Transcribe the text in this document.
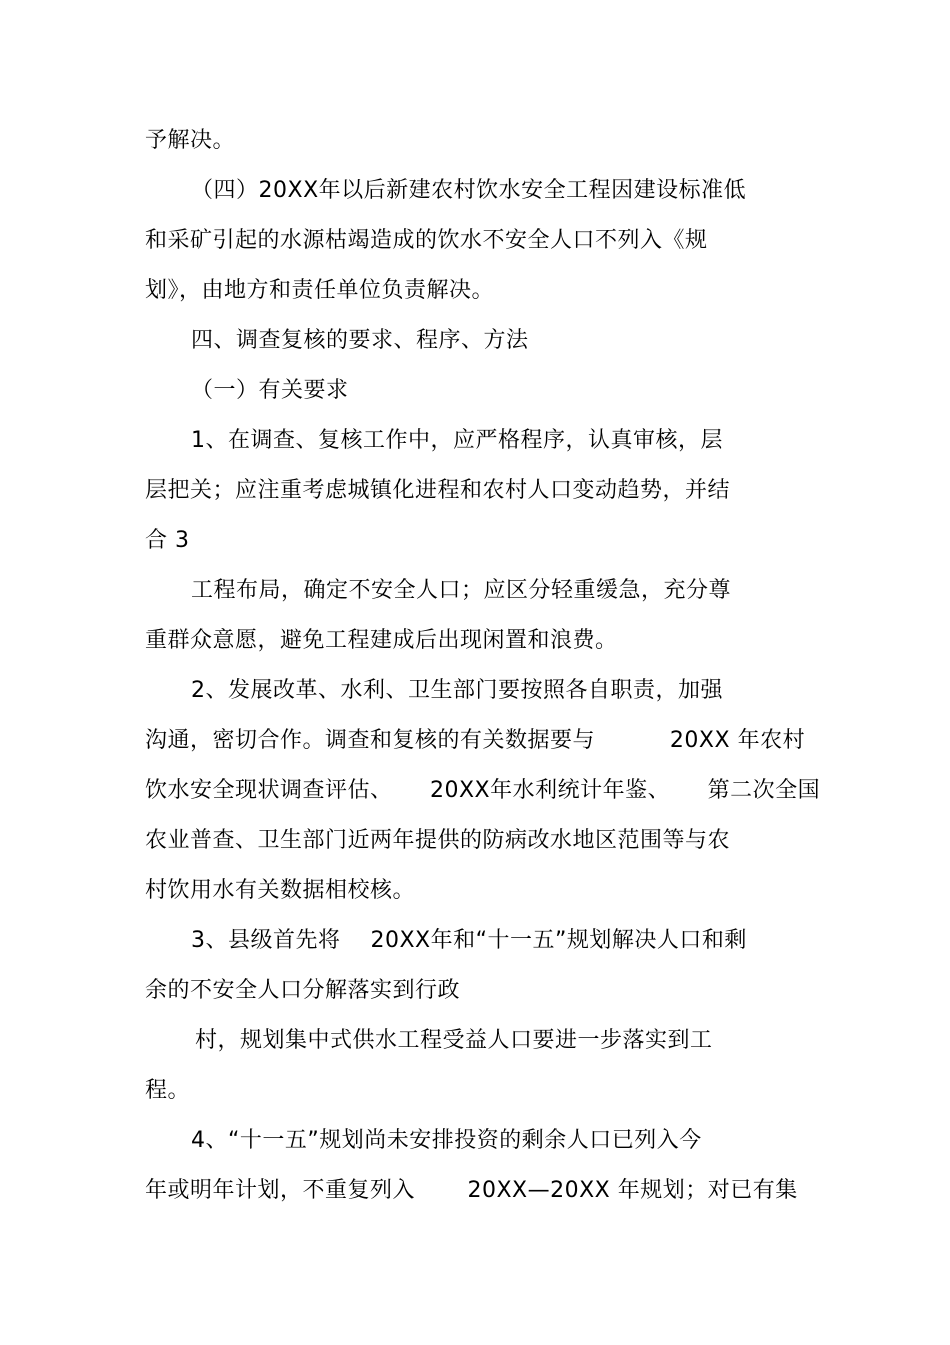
予解决。
（四）20XX年以后新建农村饮水安全工程因建设标准低
和采矿引起的水源枯竭造成的饮水不安全人口不列入《规
划》，由地方和责任单位负责解决。
四、调查复核的要求、程序、方法
（一）有关要求
1、在调查、复核工作中，应严格程序，认真审核，层
层把关；应注重考虑城镇化进程和农村人口变动趋势，并结
合 3
工程布局，确定不安全人口；应区分轻重缓急，充分尊
重群众意愿，避免工程建成后出现闲置和浪费。
2、发展改革、水利、卫生部门要按照各自职责，加强
沟通，密切合作。调查和复核的有关数据要与          20XX 年农村
饮水安全现状调查评估、     20XX年水利统计年鉴、     第二次全国
农业普查、卫生部门近两年提供的防病改水地区范围等与农
村饮用水有关数据相校核。
3、县级首先将    20XX年和“十一五”规划解决人口和剩
余的不安全人口分解落实到行政
村，规划集中式供水工程受益人口要进一步落实到工
程。
4、“十一五”规划尚未安排投资的剩余人口已列入今
年或明年计划，不重复列入       20XX—20XX 年规划；对已有集
